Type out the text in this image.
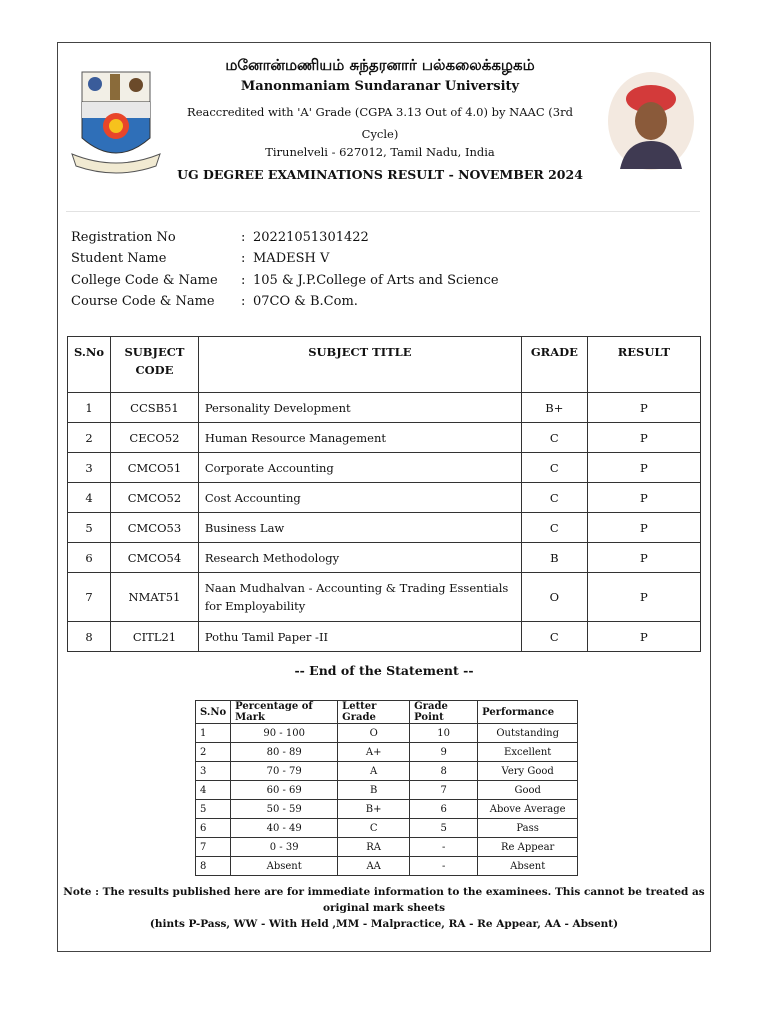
மனோன்மணியம் சுந்தரனார் பல்கலைக்கழகம்
Manonmaniam Sundaranar University
Reaccredited with 'A' Grade (CGPA 3.13 Out of 4.0) by NAAC (3rd Cycle)
Tirunelveli - 627012, Tamil Nadu, India
UG DEGREE EXAMINATIONS RESULT - NOVEMBER 2024
Registration No	: 20221051301422
Student Name	: MADESH V
College Code & Name	: 105 & J.P.College of Arts and Science
Course Code & Name	: 07CO & B.Com.
S.No	SUBJECT CODE	SUBJECT TITLE	GRADE	RESULT
1	CCSB51	Personality Development	B+	P
2	CECO52	Human Resource Management	C	P
3	CMCO51	Corporate Accounting	C	P
4	CMCO52	Cost Accounting	C	P
5	CMCO53	Business Law	C	P
6	CMCO54	Research Methodology	B	P
7	NMAT51	Naan Mudhalvan - Accounting & Trading Essentials for Employability	O	P
8	CITL21	Pothu Tamil Paper -II	C	P
-- End of the Statement --
S.No	Percentage of Mark	Letter Grade	Grade Point	Performance
1	90 - 100	O	10	Outstanding
2	80 - 89	A+	9	Excellent
3	70 - 79	A	8	Very Good
4	60 - 69	B	7	Good
5	50 - 59	B+	6	Above Average
6	40 - 49	C	5	Pass
7	0 - 39	RA	-	Re Appear
8	Absent	AA	-	Absent
Note : The results published here are for immediate information to the examinees. This cannot be treated as original mark sheets
(hints P-Pass, WW - With Held ,MM - Malpractice, RA - Re Appear, AA - Absent)
